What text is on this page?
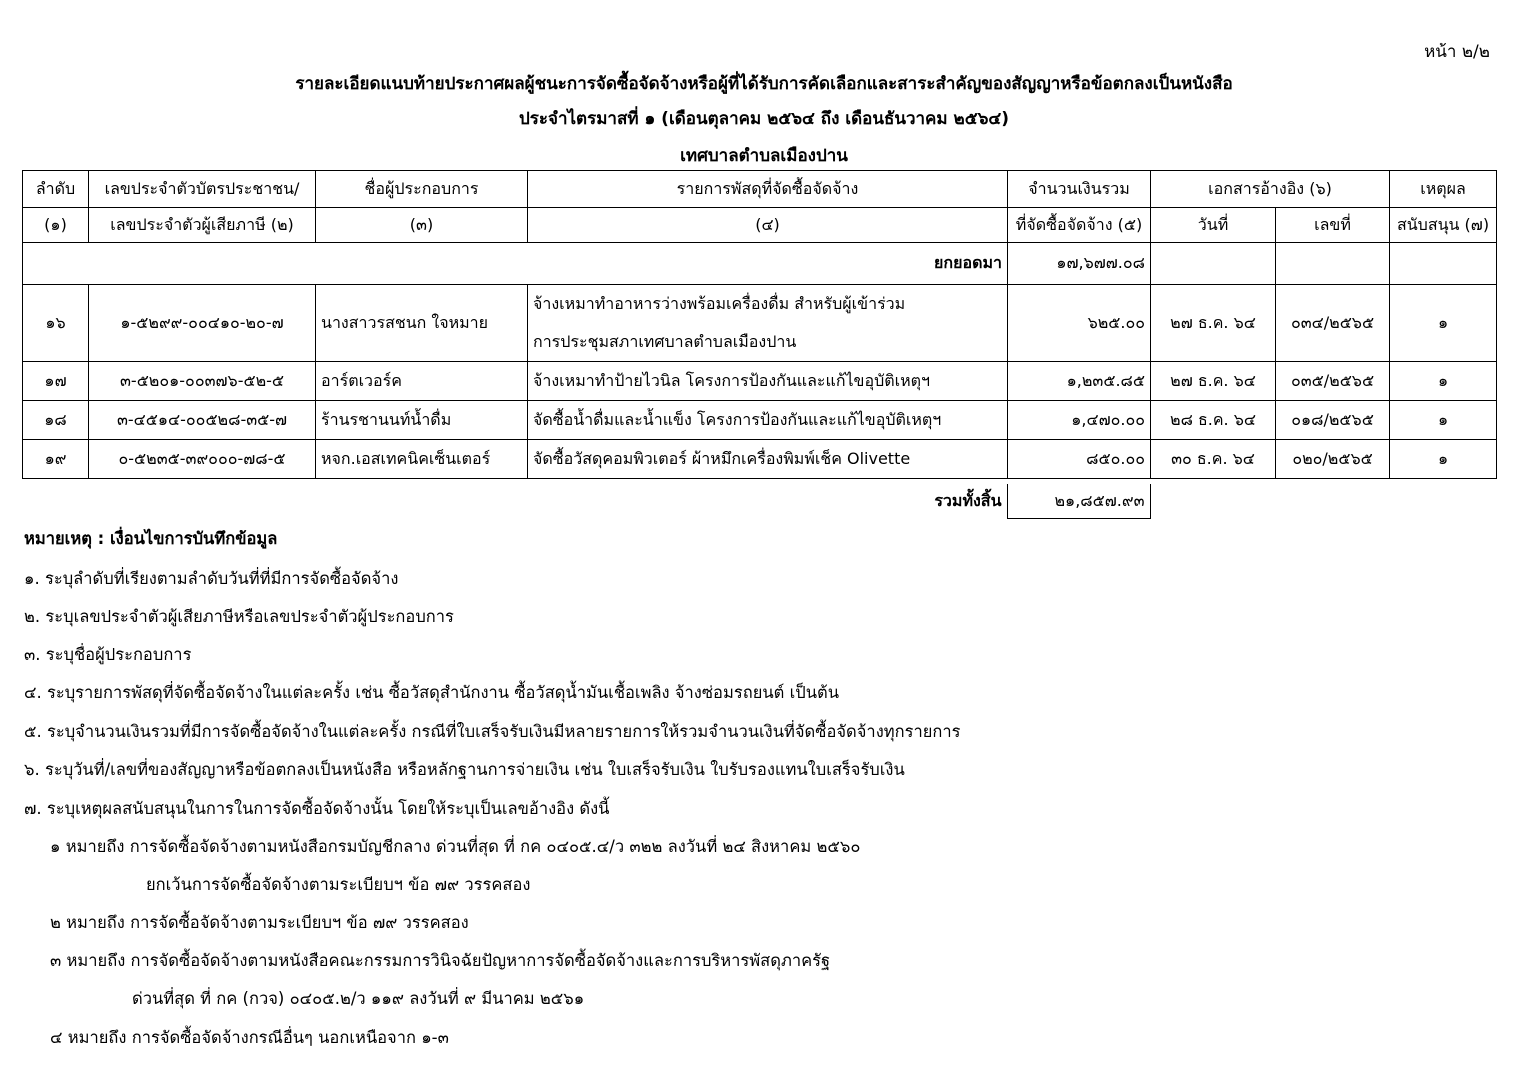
หน้า ๒/๒
รายละเอียดแนบท้ายประกาศผลผู้ชนะการจัดซื้อจัดจ้างหรือผู้ที่ได้รับการคัดเลือกและสาระสำคัญของสัญญาหรือข้อตกลงเป็นหนังสือ
ประจำไตรมาสที่ ๑ (เดือนตุลาคม ๒๕๖๔ ถึง เดือนธันวาคม ๒๕๖๔)
เทศบาลตำบลเมืองปาน
ลำดับ	เลขประจำตัวบัตรประชาชน/	ชื่อผู้ประกอบการ	รายการพัสดุที่จัดซื้อจัดจ้าง	จำนวนเงินรวม	เอกสารอ้างอิง (๖)		เหตุผล
(๑)	เลขประจำตัวผู้เสียภาษี (๒)	(๓)	(๔)	ที่จัดซื้อจัดจ้าง (๕)	วันที่	เลขที่	สนับสนุน (๗)
ยกยอดมา				๑๗,๖๗๗.๐๘			
๑๖	๑-๕๒๙๙-๐๐๔๑๐-๒๐-๗	นางสาวรสชนก ใจหมาย	จ้างเหมาทำอาหารว่างพร้อมเครื่องดื่ม สำหรับผู้เข้าร่วม
การประชุมสภาเทศบาลตำบลเมืองปาน	๖๒๕.๐๐	๒๗ ธ.ค. ๖๔	๐๓๔/๒๕๖๕	๑
๑๗	๓-๕๒๐๑-๐๐๓๗๖-๕๒-๕	อาร์ตเวอร์ค	จ้างเหมาทำป้ายไวนิล โครงการป้องกันและแก้ไขอุบัติเหตุฯ	๑,๒๓๕.๘๕	๒๗ ธ.ค. ๖๔	๐๓๕/๒๕๖๕	๑
๑๘	๓-๔๕๑๔-๐๐๕๒๘-๓๕-๗	ร้านรชานนท์น้ำดื่ม	จัดซื้อน้ำดื่มและน้ำแข็ง โครงการป้องกันและแก้ไขอุบัติเหตุฯ	๑,๔๗๐.๐๐	๒๘ ธ.ค. ๖๔	๐๑๘/๒๕๖๕	๑
๑๙	๐-๕๒๓๕-๓๙๐๐๐-๗๘-๕	หจก.เอสเทคนิคเซ็นเตอร์	จัดซื้อวัสดุคอมพิวเตอร์ ผ้าหมึกเครื่องพิมพ์เช็ค Olivette	๘๕๐.๐๐	๓๐ ธ.ค. ๖๔	๐๒๐/๒๕๖๕	๑
รวมทั้งสิ้น	๒๑,๘๕๗.๙๓	
หมายเหตุ : เงื่อนไขการบันทึกข้อมูล
๑. ระบุลำดับที่เรียงตามลำดับวันที่ที่มีการจัดซื้อจัดจ้าง
๒. ระบุเลขประจำตัวผู้เสียภาษีหรือเลขประจำตัวผู้ประกอบการ
๓. ระบุชื่อผู้ประกอบการ
๔. ระบุรายการพัสดุที่จัดซื้อจัดจ้างในแต่ละครั้ง เช่น ซื้อวัสดุสำนักงาน ซื้อวัสดุน้ำมันเชื้อเพลิง จ้างซ่อมรถยนต์ เป็นต้น
๕. ระบุจำนวนเงินรวมที่มีการจัดซื้อจัดจ้างในแต่ละครั้ง กรณีที่ใบเสร็จรับเงินมีหลายรายการให้รวมจำนวนเงินที่จัดซื้อจัดจ้างทุกรายการ
๖. ระบุวันที่/เลขที่ของสัญญาหรือข้อตกลงเป็นหนังสือ หรือหลักฐานการจ่ายเงิน เช่น ใบเสร็จรับเงิน ใบรับรองแทนใบเสร็จรับเงิน
๗. ระบุเหตุผลสนับสนุนในการในการจัดซื้อจัดจ้างนั้น โดยให้ระบุเป็นเลขอ้างอิง ดังนี้
๑ หมายถึง การจัดซื้อจัดจ้างตามหนังสือกรมบัญชีกลาง ด่วนที่สุด ที่ กค ๐๔๐๕.๔/ว ๓๒๒ ลงวันที่ ๒๔ สิงหาคม ๒๕๖๐
ยกเว้นการจัดซื้อจัดจ้างตามระเบียบฯ ข้อ ๗๙ วรรคสอง
๒ หมายถึง การจัดซื้อจัดจ้างตามระเบียบฯ ข้อ ๗๙ วรรคสอง
๓ หมายถึง การจัดซื้อจัดจ้างตามหนังสือคณะกรรมการวินิจฉัยปัญหาการจัดซื้อจัดจ้างและการบริหารพัสดุภาครัฐ
ด่วนที่สุด ที่ กค (กวจ) ๐๔๐๕.๒/ว ๑๑๙ ลงวันที่ ๙ มีนาคม ๒๕๖๑
๔ หมายถึง การจัดซื้อจัดจ้างกรณีอื่นๆ นอกเหนือจาก ๑-๓
